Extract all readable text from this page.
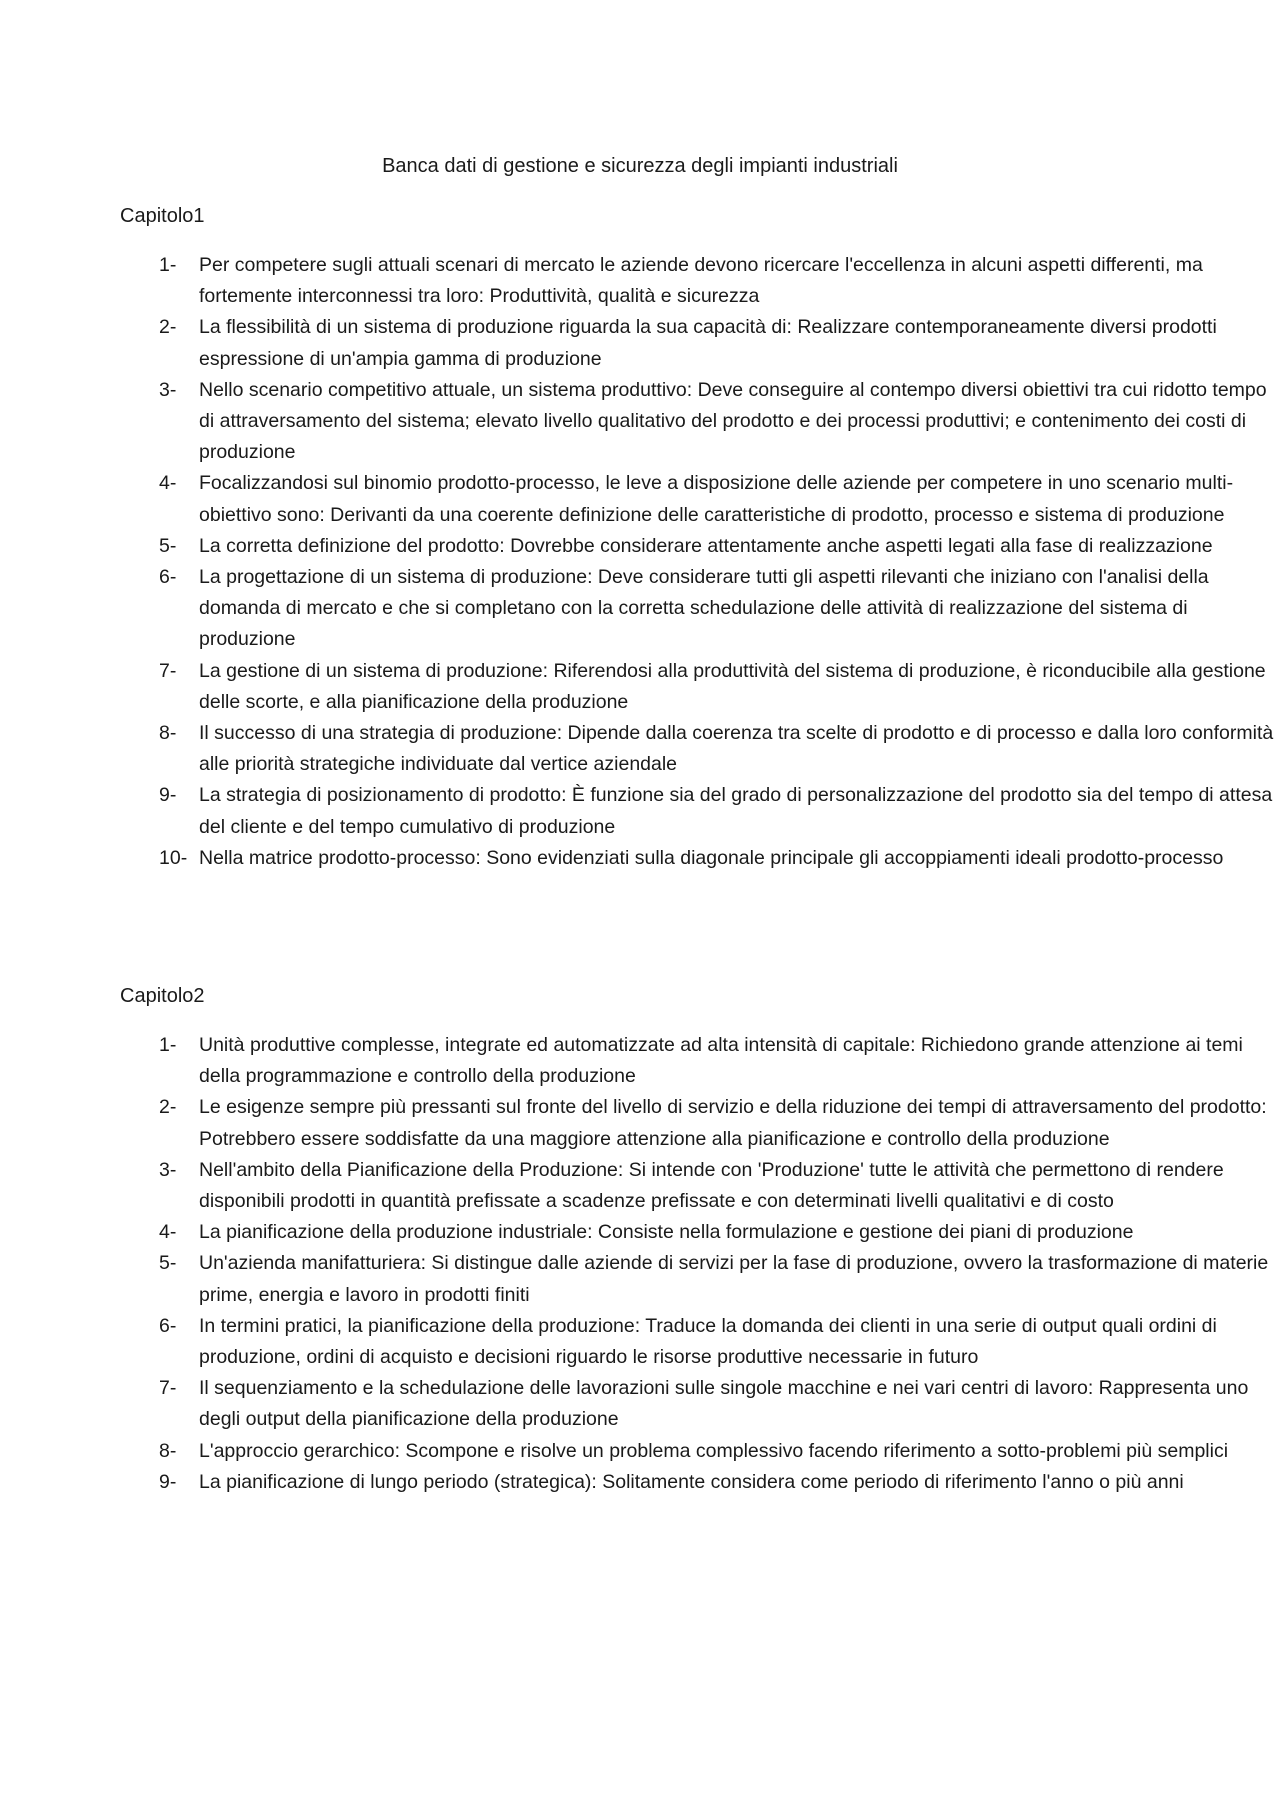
Banca dati di gestione e sicurezza degli impianti industriali
Capitolo1
1- Per competere sugli attuali scenari di mercato le aziende devono ricercare l'eccellenza in alcuni aspetti differenti, ma fortemente interconnessi tra loro: Produttività, qualità e sicurezza
2- La flessibilità di un sistema di produzione riguarda la sua capacità di: Realizzare contemporaneamente diversi prodotti espressione di un'ampia gamma di produzione
3- Nello scenario competitivo attuale, un sistema produttivo: Deve conseguire al contempo diversi obiettivi tra cui ridotto tempo di attraversamento del sistema; elevato livello qualitativo del prodotto e dei processi produttivi; e contenimento dei costi di produzione
4- Focalizzandosi sul binomio prodotto-processo, le leve a disposizione delle aziende per competere in uno scenario multi-obiettivo sono: Derivanti da una coerente definizione delle caratteristiche di prodotto, processo e sistema di produzione
5- La corretta definizione del prodotto: Dovrebbe considerare attentamente anche aspetti legati alla fase di realizzazione
6- La progettazione di un sistema di produzione: Deve considerare tutti gli aspetti rilevanti che iniziano con l'analisi della domanda di mercato e che si completano con la corretta schedulazione delle attività di realizzazione del sistema di produzione
7- La gestione di un sistema di produzione: Riferendosi alla produttività del sistema di produzione, è riconducibile alla gestione delle scorte, e alla pianificazione della produzione
8- Il successo di una strategia di produzione: Dipende dalla coerenza tra scelte di prodotto e di processo e dalla loro conformità alle priorità strategiche individuate dal vertice aziendale
9- La strategia di posizionamento di prodotto: È funzione sia del grado di personalizzazione del prodotto sia del tempo di attesa del cliente e del tempo cumulativo di produzione
10- Nella matrice prodotto-processo: Sono evidenziati sulla diagonale principale gli accoppiamenti ideali prodotto-processo
Capitolo2
1- Unità produttive complesse, integrate ed automatizzate ad alta intensità di capitale: Richiedono grande attenzione ai temi della programmazione e controllo della produzione
2- Le esigenze sempre più pressanti sul fronte del livello di servizio e della riduzione dei tempi di attraversamento del prodotto: Potrebbero essere soddisfatte da una maggiore attenzione alla pianificazione e controllo della produzione
3- Nell'ambito della Pianificazione della Produzione: Si intende con 'Produzione' tutte le attività che permettono di rendere disponibili prodotti in quantità prefissate a scadenze prefissate e con determinati livelli qualitativi e di costo
4- La pianificazione della produzione industriale: Consiste nella formulazione e gestione dei piani di produzione
5- Un'azienda manifatturiera: Si distingue dalle aziende di servizi per la fase di produzione, ovvero la trasformazione di materie prime, energia e lavoro in prodotti finiti
6- In termini pratici, la pianificazione della produzione: Traduce la domanda dei clienti in una serie di output quali ordini di produzione, ordini di acquisto e decisioni riguardo le risorse produttive necessarie in futuro
7- Il sequenziamento e la schedulazione delle lavorazioni sulle singole macchine e nei vari centri di lavoro: Rappresenta uno degli output della pianificazione della produzione
8- L'approccio gerarchico: Scompone e risolve un problema complessivo facendo riferimento a sotto-problemi più semplici
9- La pianificazione di lungo periodo (strategica): Solitamente considera come periodo di riferimento l'anno o più anni
